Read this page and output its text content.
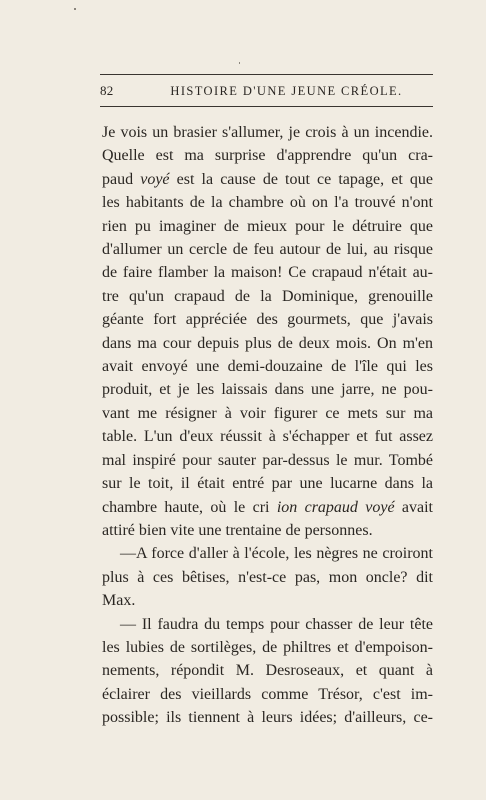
82	HISTOIRE D'UNE JEUNE CRÉOLE.
Je vois un brasier s'allumer, je crois à un incendie.
Quelle est ma surprise d'apprendre qu'un cra-
paud voyé est la cause de tout ce tapage, et que
les habitants de la chambre où on l'a trouvé n'ont
rien pu imaginer de mieux pour le détruire que
d'allumer un cercle de feu autour de lui, au risque
de faire flamber la maison! Ce crapaud n'était au-
tre qu'un crapaud de la Dominique, grenouille
géante fort appréciée des gourmets, que j'avais
dans ma cour depuis plus de deux mois. On m'en
avait envoyé une demi-douzaine de l'île qui les
produit, et je les laissais dans une jarre, ne pou-
vant me résigner à voir figurer ce mets sur ma
table. L'un d'eux réussit à s'échapper et fut assez
mal inspiré pour sauter par-dessus le mur. Tombé
sur le toit, il était entré par une lucarne dans la
chambre haute, où le cri ion crapaud voyé avait
attiré bien vite une trentaine de personnes.
—A force d'aller à l'école, les nègres ne croiront
plus à ces bêtises, n'est-ce pas, mon oncle? dit
Max.
— Il faudra du temps pour chasser de leur tête
les lubies de sortilèges, de philtres et d'empoison-
nements, répondit M. Desroseaux, et quant à
éclairer des vieillards comme Trésor, c'est im-
possible; ils tiennent à leurs idées; d'ailleurs, ce-
